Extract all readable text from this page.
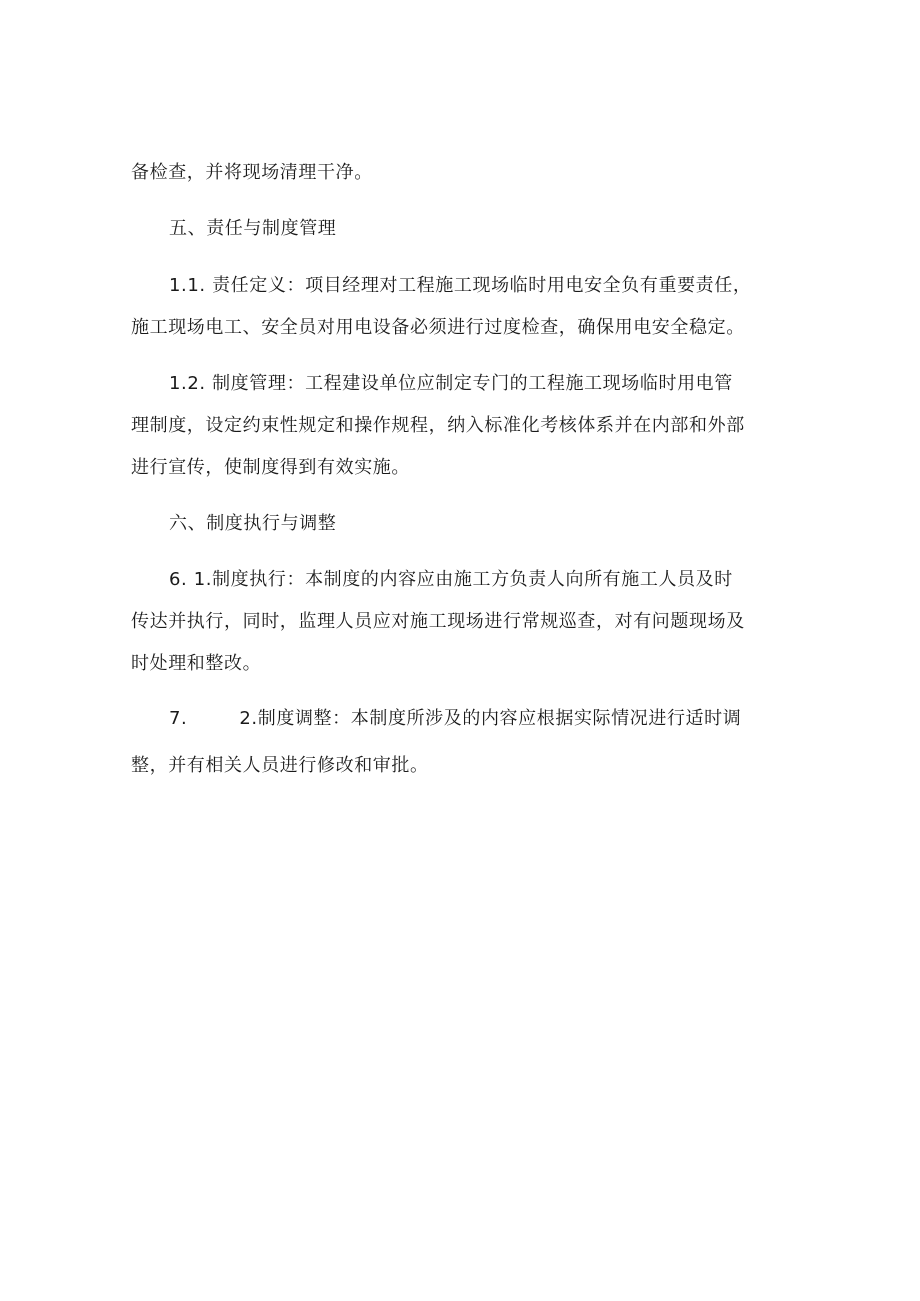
备检查，并将现场清理干净。
五、责任与制度管理
1.1. 责任定义：项目经理对工程施工现场临时用电安全负有重要责任，
施工现场电工、安全员对用电设备必须进行过度检查，确保用电安全稳定。
1.2. 制度管理：工程建设单位应制定专门的工程施工现场临时用电管
理制度，设定约束性规定和操作规程，纳入标准化考核体系并在内部和外部
进行宣传，使制度得到有效实施。
六、制度执行与调整
6. 1.制度执行：本制度的内容应由施工方负责人向所有施工人员及时
传达并执行，同时，监理人员应对施工现场进行常规巡查，对有问题现场及
时处理和整改。
7.	2.制度调整：本制度所涉及的内容应根据实际情况进行适时调
整，并有相关人员进行修改和审批。
